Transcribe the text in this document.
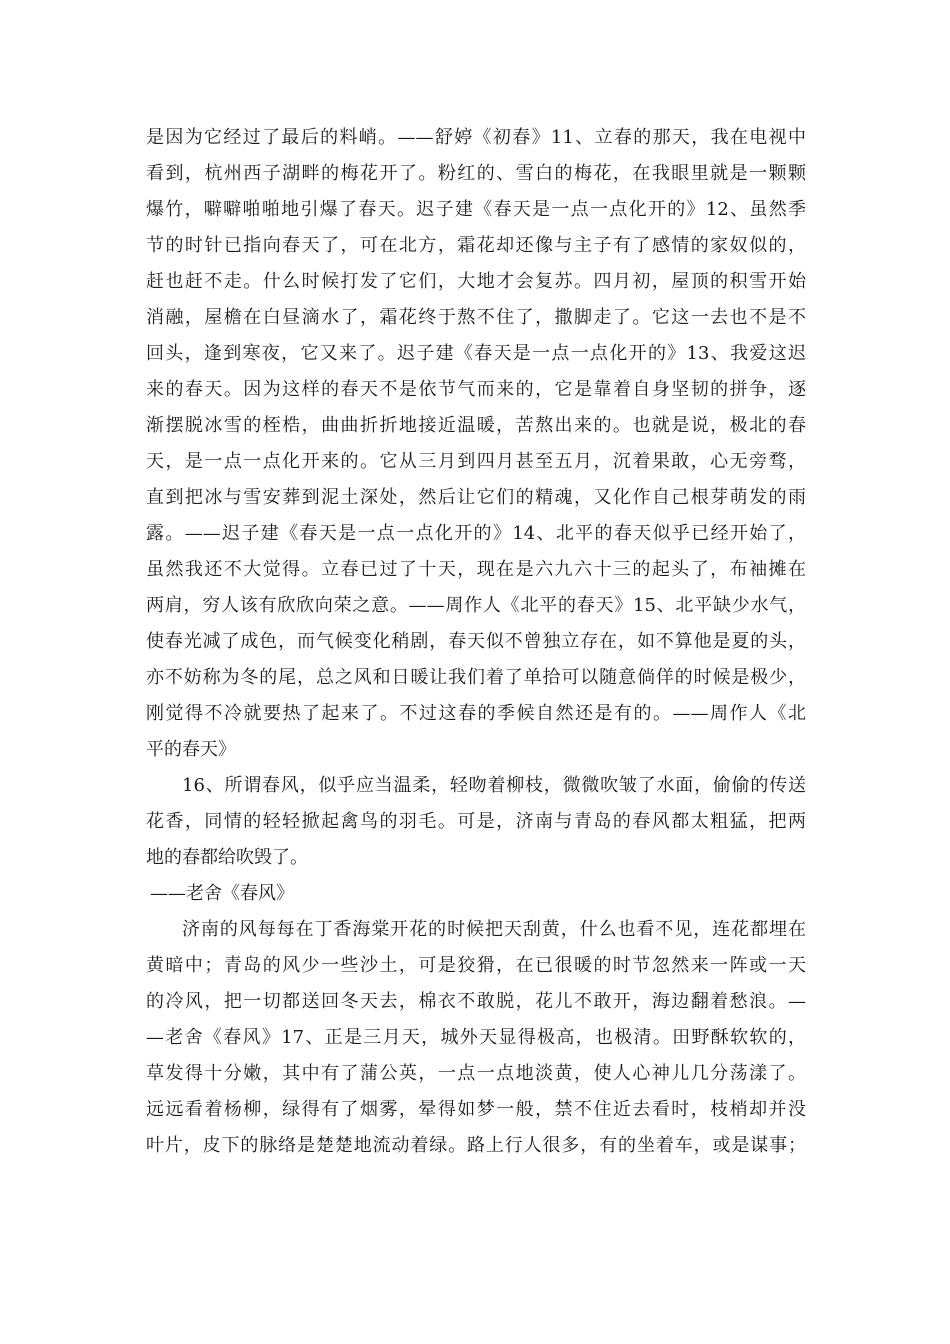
是因为它经过了最后的料峭。——舒婷《初春》11、立春的那天，我在电视中
看到，杭州西子湖畔的梅花开了。粉红的、雪白的梅花，在我眼里就是一颗颗
爆竹，噼噼啪啪地引爆了春天。迟子建《春天是一点一点化开的》12、虽然季
节的时针已指向春天了，可在北方，霜花却还像与主子有了感情的家奴似的，
赶也赶不走。什么时候打发了它们，大地才会复苏。四月初，屋顶的积雪开始
消融，屋檐在白昼滴水了，霜花终于熬不住了，撒脚走了。它这一去也不是不
回头，逢到寒夜，它又来了。迟子建《春天是一点一点化开的》13、我爱这迟
来的春天。因为这样的春天不是依节气而来的，它是靠着自身坚韧的拼争，逐
渐摆脱冰雪的桎梏，曲曲折折地接近温暖，苦熬出来的。也就是说，极北的春
天，是一点一点化开来的。它从三月到四月甚至五月，沉着果敢，心无旁骛，
直到把冰与雪安葬到泥土深处，然后让它们的精魂，又化作自己根芽萌发的雨
露。——迟子建《春天是一点一点化开的》14、北平的春天似乎已经开始了，
虽然我还不大觉得。立春已过了十天，现在是六九六十三的起头了，布袖摊在
两肩，穷人该有欣欣向荣之意。——周作人《北平的春天》15、北平缺少水气，
使春光减了成色，而气候变化稍剧，春天似不曾独立存在，如不算他是夏的头，
亦不妨称为冬的尾，总之风和日暖让我们着了单拾可以随意倘佯的时候是极少，
刚觉得不冷就要热了起来了。不过这春的季候自然还是有的。——周作人《北
平的春天》
16、所谓春风，似乎应当温柔，轻吻着柳枝，微微吹皱了水面，偷偷的传送
花香，同情的轻轻掀起禽鸟的羽毛。可是，济南与青岛的春风都太粗猛，把两
地的春都给吹毁了。
——老舍《春风》
济南的风每每在丁香海棠开花的时候把天刮黄，什么也看不见，连花都埋在
黄暗中；青岛的风少一些沙土，可是狡猾，在已很暖的时节忽然来一阵或一天
的冷风，把一切都送回冬天去，棉衣不敢脱，花儿不敢开，海边翻着愁浪。—
—老舍《春风》17、正是三月天，城外天显得极高，也极清。田野酥软软的，
草发得十分嫩，其中有了蒲公英，一点一点地淡黄，使人心神儿几分荡漾了。
远远看着杨柳，绿得有了烟雾，晕得如梦一般，禁不住近去看时，枝梢却并没
叶片，皮下的脉络是楚楚地流动着绿。路上行人很多，有的坐着车，或是谋事；
